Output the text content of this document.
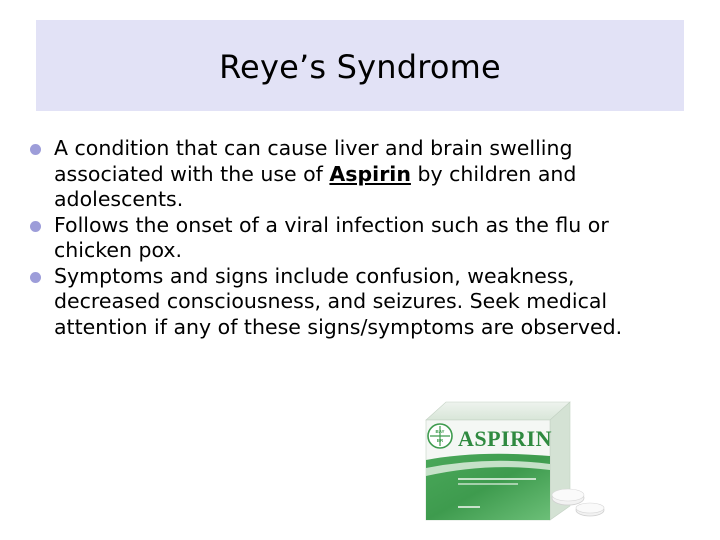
Reye’s Syndrome
A condition that can cause liver and brain swelling associated with the use of Aspirin by children and adolescents.
Follows the onset of a viral infection such as the flu or chicken pox.
Symptoms and signs include confusion, weakness, decreased consciousness, and seizures. Seek medical attention if any of these signs/symptoms are observed.
BAY
ER ASPIRIN
